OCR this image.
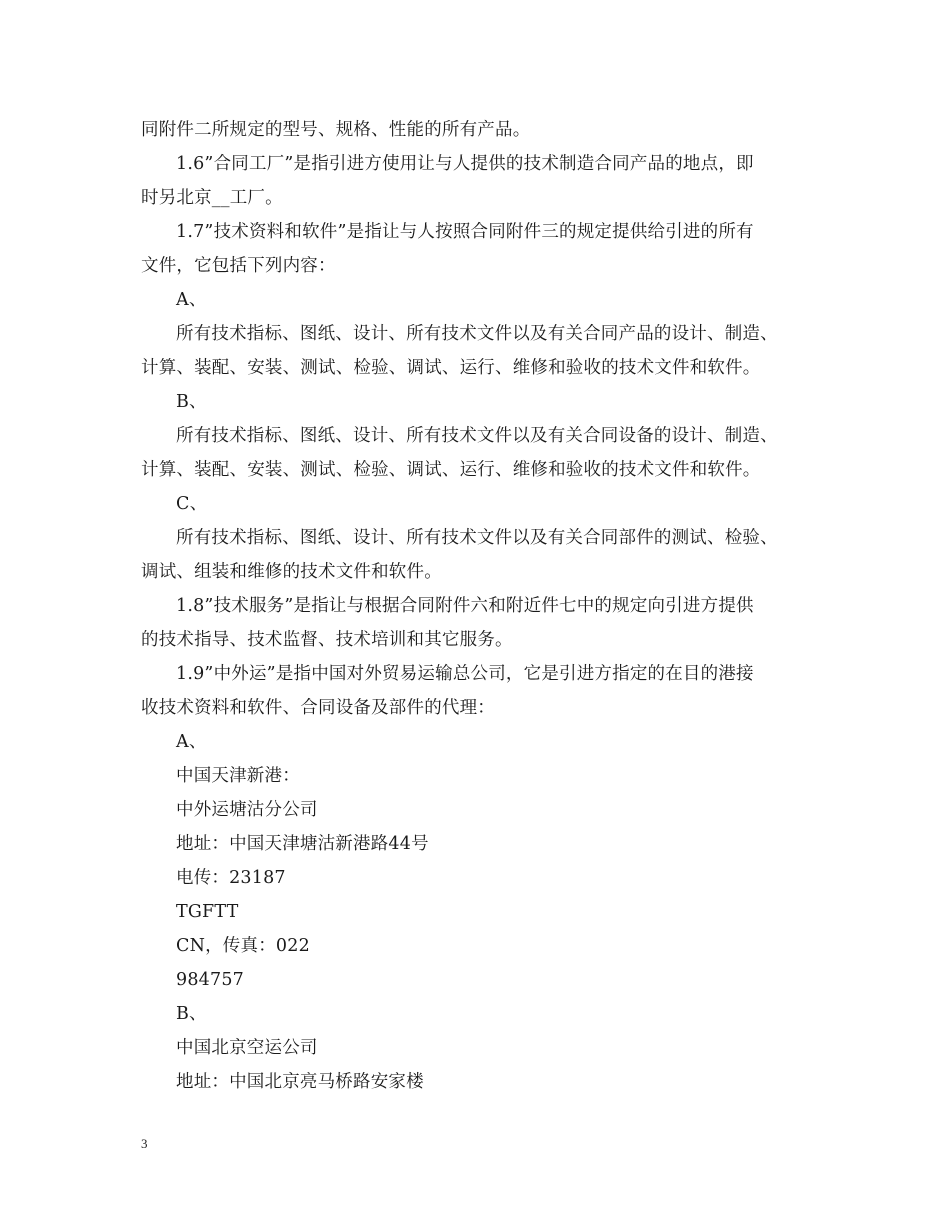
同附件二所规定的型号、规格、性能的所有产品。
1.6”合同工厂”是指引进方使用让与人提供的技术制造合同产品的地点，即
时另北京__工厂。
1.7”技术资料和软件”是指让与人按照合同附件三的规定提供给引进的所有
文件，它包括下列内容：
A、
所有技术指标、图纸、设计、所有技术文件以及有关合同产品的设计、制造、
计算、装配、安装、测试、检验、调试、运行、维修和验收的技术文件和软件。
B、
所有技术指标、图纸、设计、所有技术文件以及有关合同设备的设计、制造、
计算、装配、安装、测试、检验、调试、运行、维修和验收的技术文件和软件。
C、
所有技术指标、图纸、设计、所有技术文件以及有关合同部件的测试、检验、
调试、组装和维修的技术文件和软件。
1.8”技术服务”是指让与根据合同附件六和附近件七中的规定向引进方提供
的技术指导、技术监督、技术培训和其它服务。
1.9”中外运”是指中国对外贸易运输总公司，它是引进方指定的在目的港接
收技术资料和软件、合同设备及部件的代理：
A、
中国天津新港：
中外运塘沽分公司
地址：中国天津塘沽新港路44号
电传：23187
TGFTT
CN，传真：022
984757
B、
中国北京空运公司
地址：中国北京亮马桥路安家楼
3
